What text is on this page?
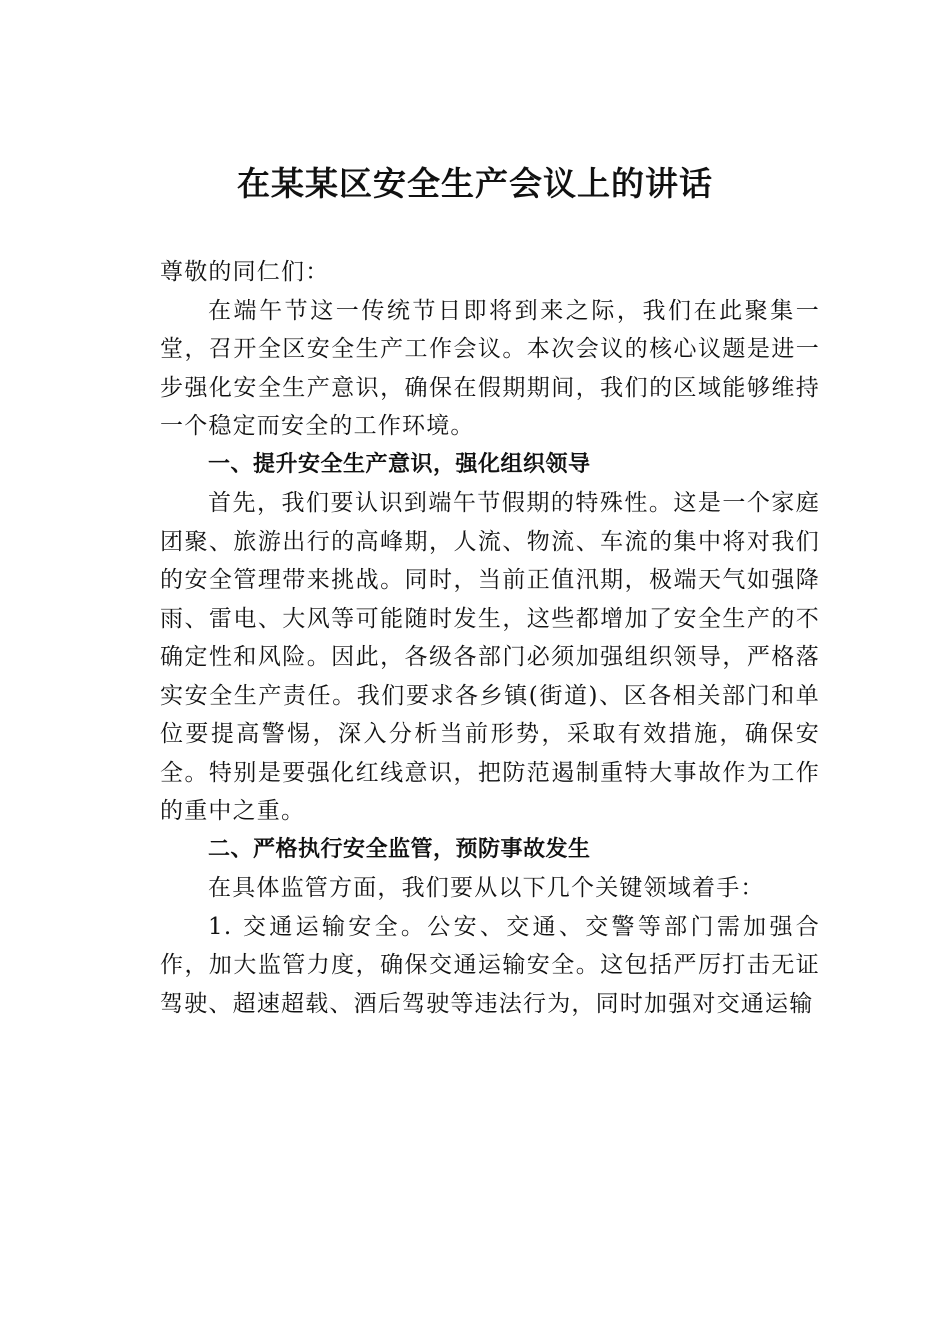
在某某区安全生产会议上的讲话

尊敬的同仁们：

在端午节这一传统节日即将到来之际，我们在此聚集一堂，召开全区安全生产工作会议。本次会议的核心议题是进一步强化安全生产意识，确保在假期期间，我们的区域能够维持一个稳定而安全的工作环境。

一、提升安全生产意识，强化组织领导

首先，我们要认识到端午节假期的特殊性。这是一个家庭团聚、旅游出行的高峰期，人流、物流、车流的集中将对我们的安全管理带来挑战。同时，当前正值汛期，极端天气如强降雨、雷电、大风等可能随时发生，这些都增加了安全生产的不确定性和风险。因此，各级各部门必须加强组织领导，严格落实安全生产责任。我们要求各乡镇(街道)、区各相关部门和单位要提高警惕，深入分析当前形势，采取有效措施，确保安全。特别是要强化红线意识，把防范遏制重特大事故作为工作的重中之重。

二、严格执行安全监管，预防事故发生

在具体监管方面，我们要从以下几个关键领域着手：

1. 交通运输安全。公安、交通、交警等部门需加强合作，加大监管力度，确保交通运输安全。这包括严厉打击无证驾驶、超速超载、酒后驾驶等违法行为，同时加强对交通运输
